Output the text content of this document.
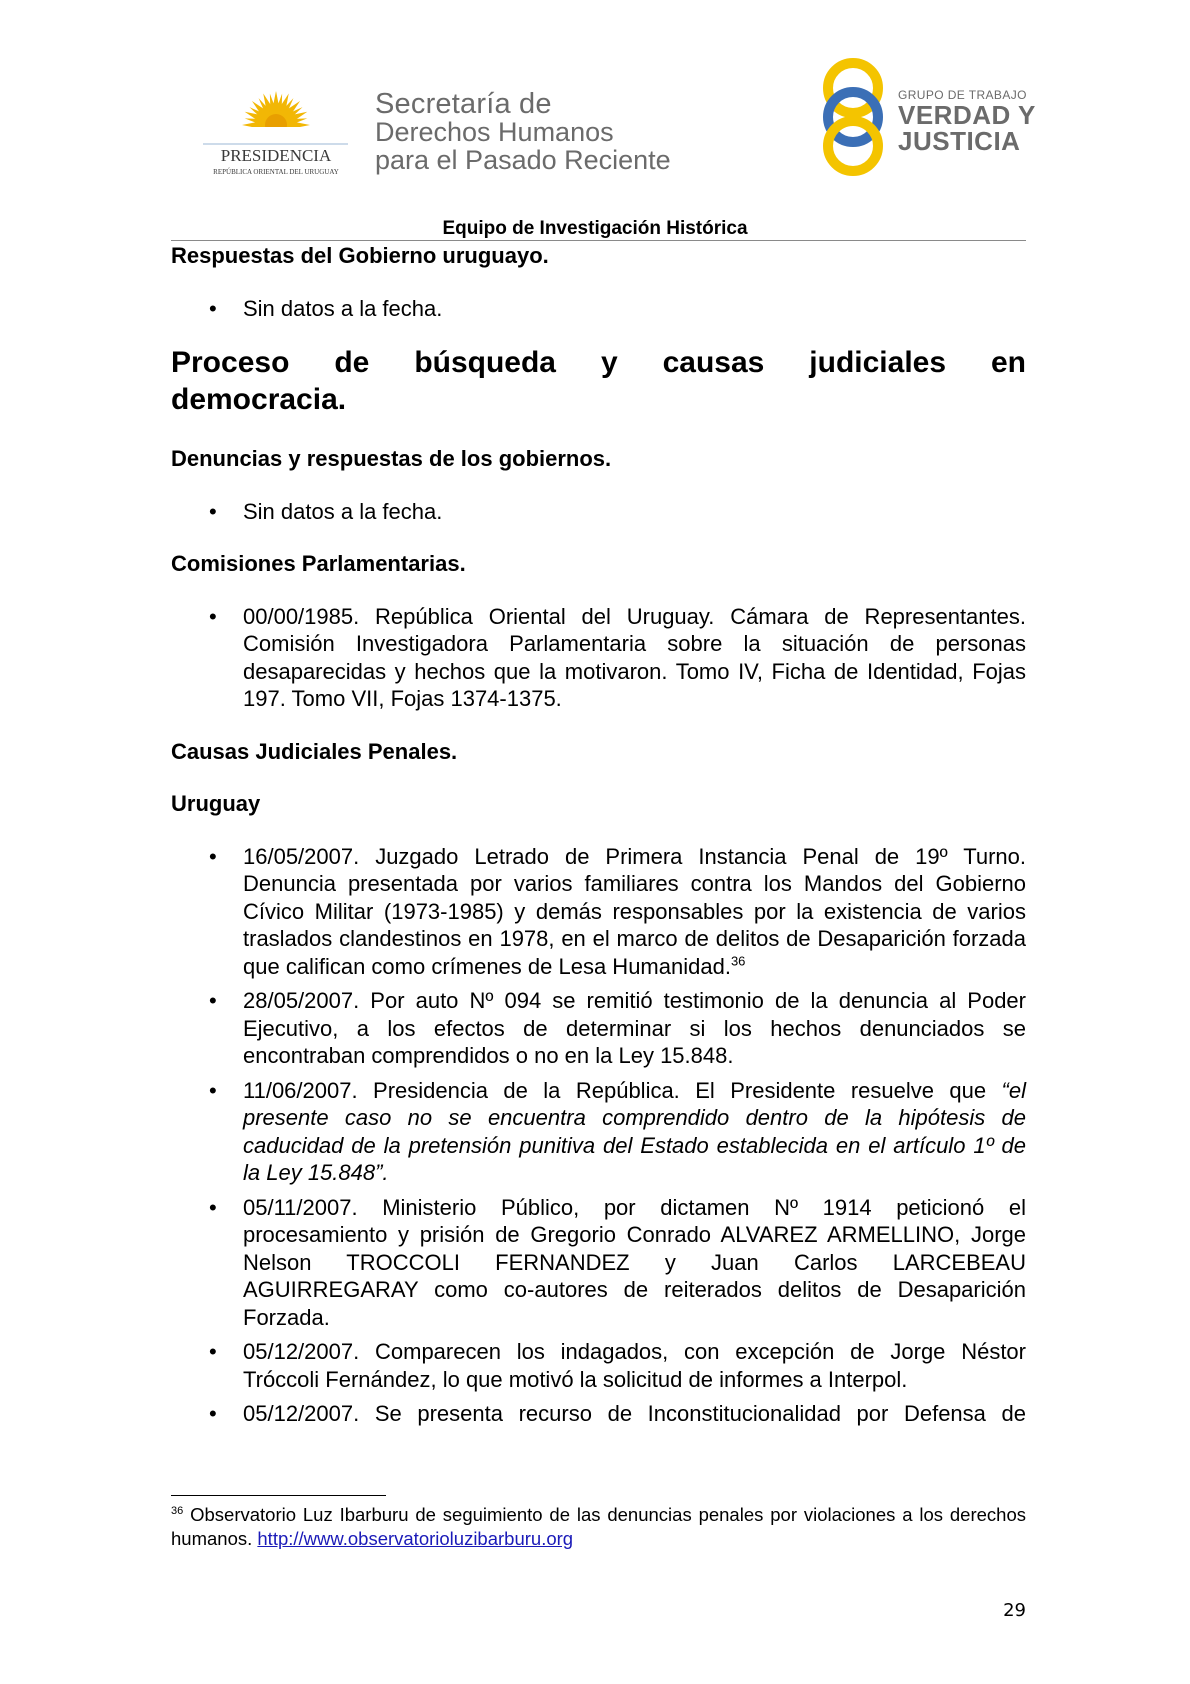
PRESIDENCIA
REPÚBLICA ORIENTAL DEL URUGUAY
Secretaría de
Derechos Humanos
para el Pasado Reciente
GRUPO DE TRABAJO
VERDAD Y
JUSTICIA
Equipo de Investigación Histórica

Respuestas del Gobierno uruguayo.

• Sin datos a la fecha.
Proceso de búsqueda y causas judiciales en
democracia.

Denuncias y respuestas de los gobiernos.

• Sin datos a la fecha.

Comisiones Parlamentarias.

• 00/00/1985. República Oriental del Uruguay. Cámara de Representantes. Comisión Investigadora Parlamentaria sobre la situación de personas desaparecidas y hechos que la motivaron. Tomo IV, Ficha de Identidad, Fojas 197. Tomo VII, Fojas 1374-1375.

Causas Judiciales Penales.

Uruguay

• 16/05/2007. Juzgado Letrado de Primera Instancia Penal de 19º Turno. Denuncia presentada por varios familiares contra los Mandos del Gobierno Cívico Militar (1973-1985) y demás responsables por la existencia de varios traslados clandestinos en 1978, en el marco de delitos de Desaparición forzada que califican como crímenes de Lesa Humanidad.$^{36}$
• 28/05/2007. Por auto Nº 094 se remitió testimonio de la denuncia al Poder Ejecutivo, a los efectos de determinar si los hechos denunciados se encontraban comprendidos o no en la Ley 15.848.
• 11/06/2007. Presidencia de la República. El Presidente resuelve que “el presente caso no se encuentra comprendido dentro de la hipótesis de caducidad de la pretensión punitiva del Estado establecida en el artículo 1º de la Ley 15.848”.
• 05/11/2007. Ministerio Público, por dictamen Nº 1914 peticionó el procesamiento y prisión de Gregorio Conrado ALVAREZ ARMELLINO, Jorge Nelson TROCCOLI FERNANDEZ y Juan Carlos LARCEBEAU AGUIRREGARAY como co-autores de reiterados delitos de Desaparición Forzada.
• 05/12/2007. Comparecen los indagados, con excepción de Jorge Néstor Tróccoli Fernández, lo que motivó la solicitud de informes a Interpol.
• 05/12/2007. Se presenta recurso de Inconstitucionalidad por Defensa de
$^{36}$ Observatorio Luz Ibarburu de seguimiento de las denuncias penales por violaciones a los derechos humanos. http://www.observatorioluzibarburu.org
29
